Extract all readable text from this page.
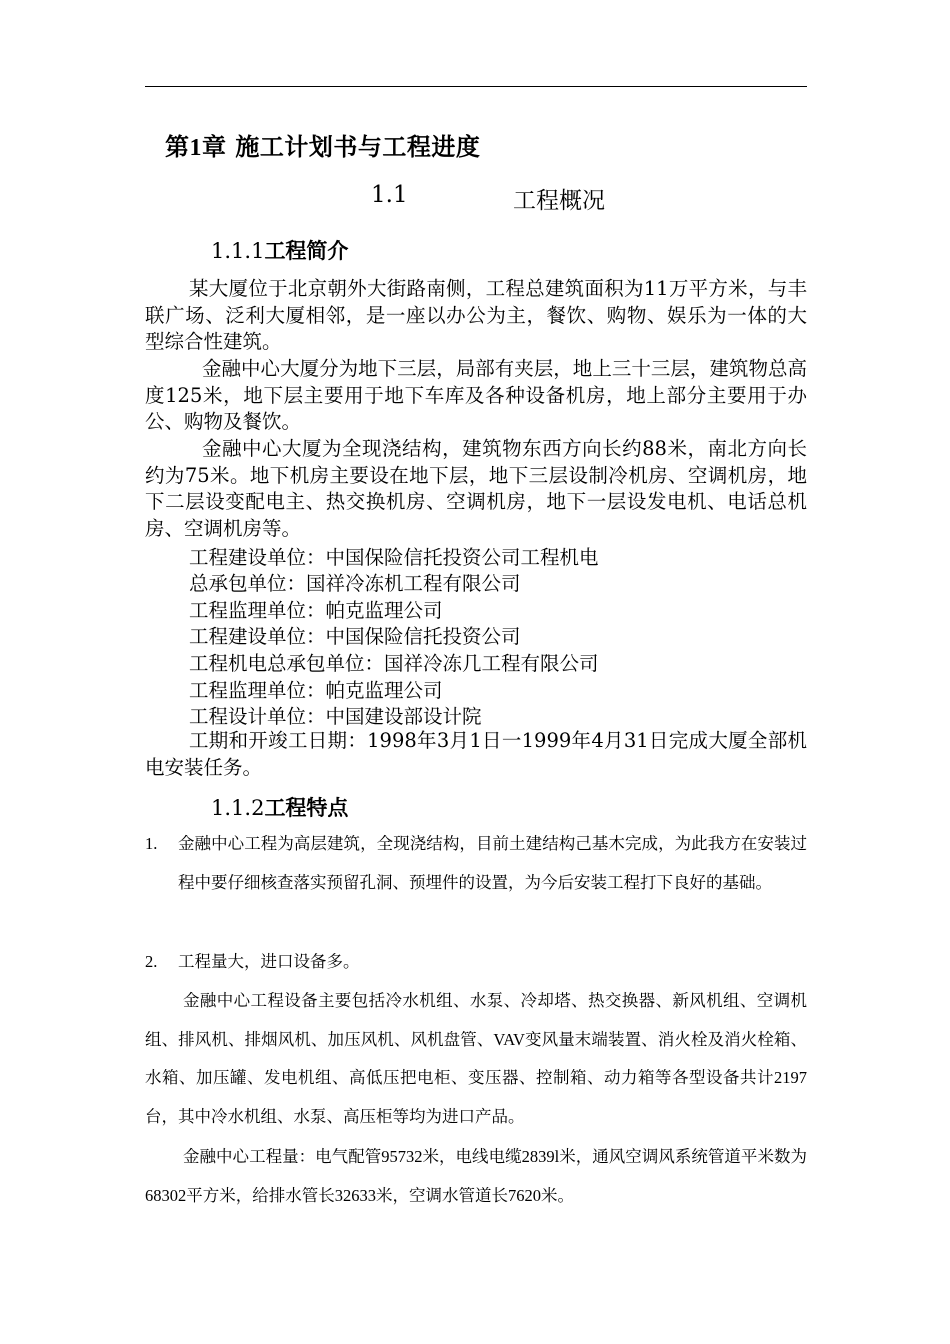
第1章 施工计划书与工程进度
1.1	工程概况
1.1.1工程简介
某大厦位于北京朝外大街路南侧，工程总建筑面积为11万平方米，与丰联广场、泛利大厦相邻，是一座以办公为主，餐饮、购物、娱乐为一体的大型综合性建筑。
金融中心大厦分为地下三层，局部有夹层，地上三十三层，建筑物总高度125米，地下层主要用于地下车库及各种设备机房，地上部分主要用于办公、购物及餐饮。
金融中心大厦为全现浇结构，建筑物东西方向长约88米，南北方向长约为75米。地下机房主要设在地下层，地下三层设制冷机房、空调机房，地下二层设变配电主、热交换机房、空调机房，地下一层设发电机、电话总机房、空调机房等。
工程建设单位：中国保险信托投资公司工程机电
总承包单位：国祥冷冻机工程有限公司
工程监理单位：帕克监理公司
工程建设单位：中国保险信托投资公司
工程机电总承包单位：国祥冷冻几工程有限公司
工程监理单位：帕克监理公司
工程设计单位：中国建设部设计院
工期和开竣工日期：1998年3月1日一1999年4月31日完成大厦全部机电安装任务。
1.1.2工程特点
1. 金融中心工程为高层建筑，全现浇结构，目前土建结构己基木完成，为此我方在安装过程中要仔细核查落实预留孔洞、预埋件的设置，为今后安装工程打下良好的基础。
2. 工程量大，进口设备多。
金融中心工程设备主要包括冷水机组、水泵、冷却塔、热交换器、新风机组、空调机组、排风机、排烟风机、加压风机、风机盘管、VAV变风量末端装置、消火栓及消火栓箱、水箱、加压罐、发电机组、高低压把电柜、变压器、控制箱、动力箱等各型设备共计2197台，其中冷水机组、水泵、高压柜等均为进口产品。
金融中心工程量：电气配管95732米，电线电缆2839l米，通风空调风系统管道平米数为68302平方米，给排水管长32633米，空调水管道长7620米。
